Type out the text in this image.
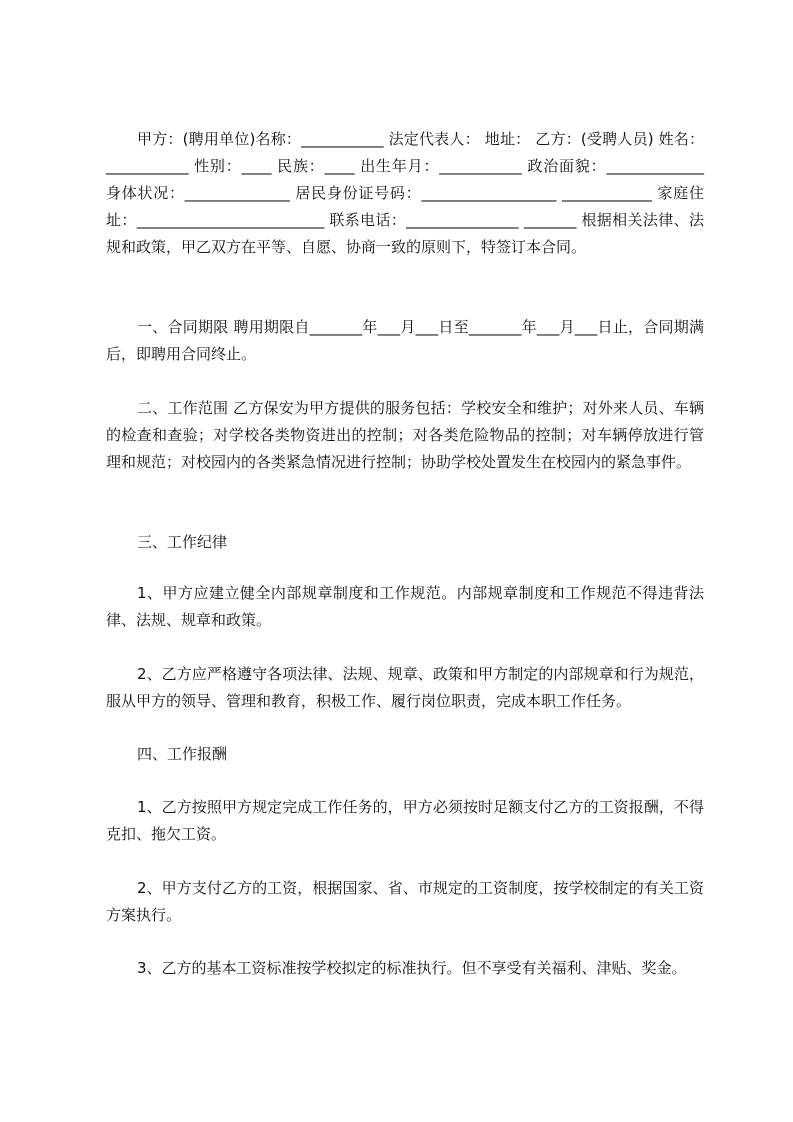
甲方：(聘用单位)名称：___________ 法定代表人： 地址： 乙方：(受聘人员) 姓名：___________ 性别：____ 民族：____ 出生年月：___________ 政治面貌：_____________ 身体状况：______________ 居民身份证号码：__________________ ____________ 家庭住址：_________________________ 联系电话：_______________ _______ 根据相关法律、法规和政策，甲乙双方在平等、自愿、协商一致的原则下，特签订本合同。

一、合同期限 聘用期限自_______年___月___日至_______年___月___日止，合同期满后，即聘用合同终止。

二、工作范围 乙方保安为甲方提供的服务包括：学校安全和维护；对外来人员、车辆的检查和查验；对学校各类物资进出的控制；对各类危险物品的控制；对车辆停放进行管理和规范；对校园内的各类紧急情况进行控制；协助学校处置发生在校园内的紧急事件。

三、工作纪律

1、甲方应建立健全内部规章制度和工作规范。内部规章制度和工作规范不得违背法律、法规、规章和政策。

2、乙方应严格遵守各项法律、法规、规章、政策和甲方制定的内部规章和行为规范，服从甲方的领导、管理和教育，积极工作、履行岗位职责，完成本职工作任务。

四、工作报酬

1、乙方按照甲方规定完成工作任务的，甲方必须按时足额支付乙方的工资报酬，不得克扣、拖欠工资。

2、甲方支付乙方的工资，根据国家、省、市规定的工资制度，按学校制定的有关工资方案执行。

3、乙方的基本工资标准按学校拟定的标准执行。但不享受有关福利、津贴、奖金。
